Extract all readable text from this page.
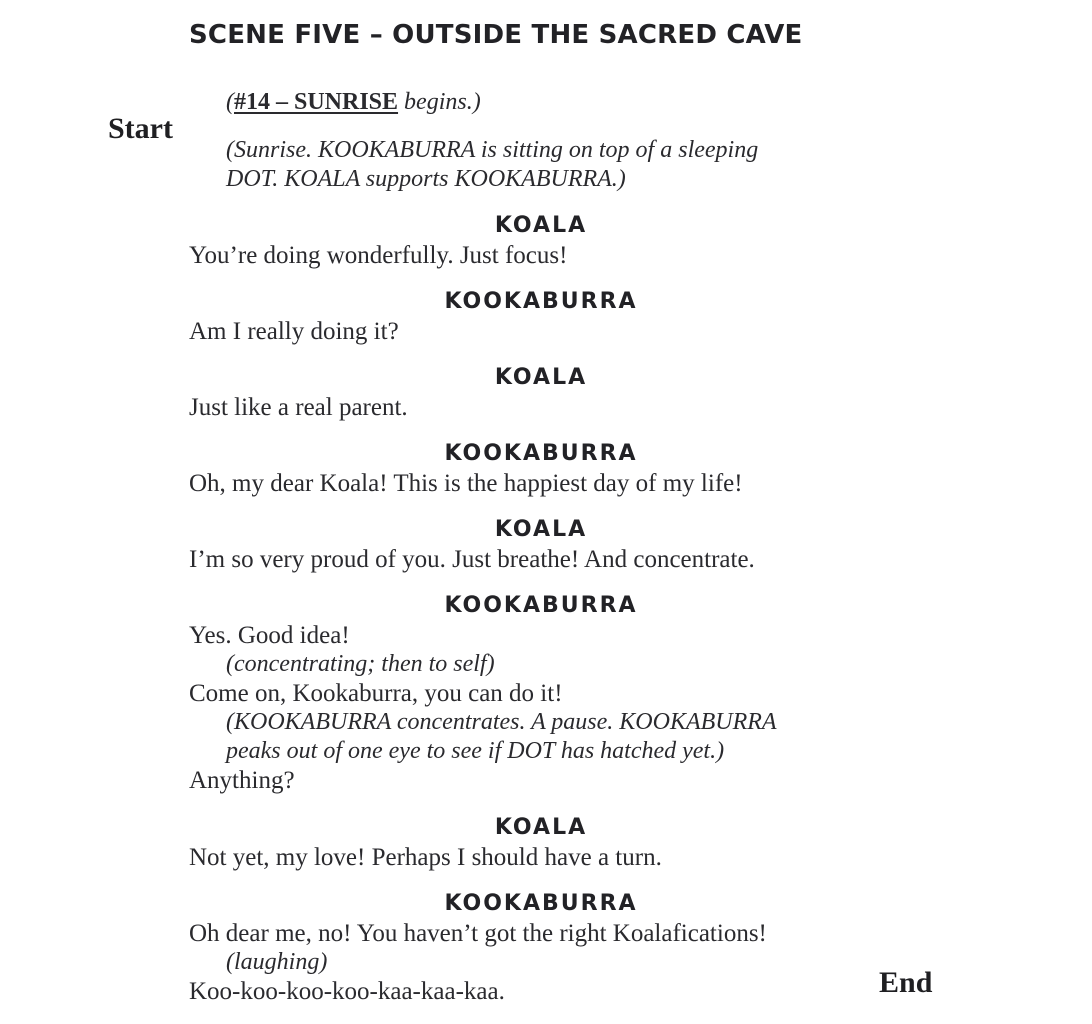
SCENE FIVE – OUTSIDE THE SACRED CAVE
Start
(#14 – SUNRISE begins.)
(Sunrise. KOOKABURRA is sitting on top of a sleeping
DOT. KOALA supports KOOKABURRA.)
KOALA
You’re doing wonderfully. Just focus!
KOOKABURRA
Am I really doing it?
KOALA
Just like a real parent.
KOOKABURRA
Oh, my dear Koala! This is the happiest day of my life!
KOALA
I’m so very proud of you. Just breathe! And concentrate.
KOOKABURRA
Yes. Good idea!
(concentrating; then to self)
Come on, Kookaburra, you can do it!
(KOOKABURRA concentrates. A pause. KOOKABURRA
peaks out of one eye to see if DOT has hatched yet.)
Anything?
KOALA
Not yet, my love! Perhaps I should have a turn.
KOOKABURRA
Oh dear me, no! You haven’t got the right Koalafications!
(laughing)
Koo-koo-koo-koo-kaa-kaa-kaa.	End
